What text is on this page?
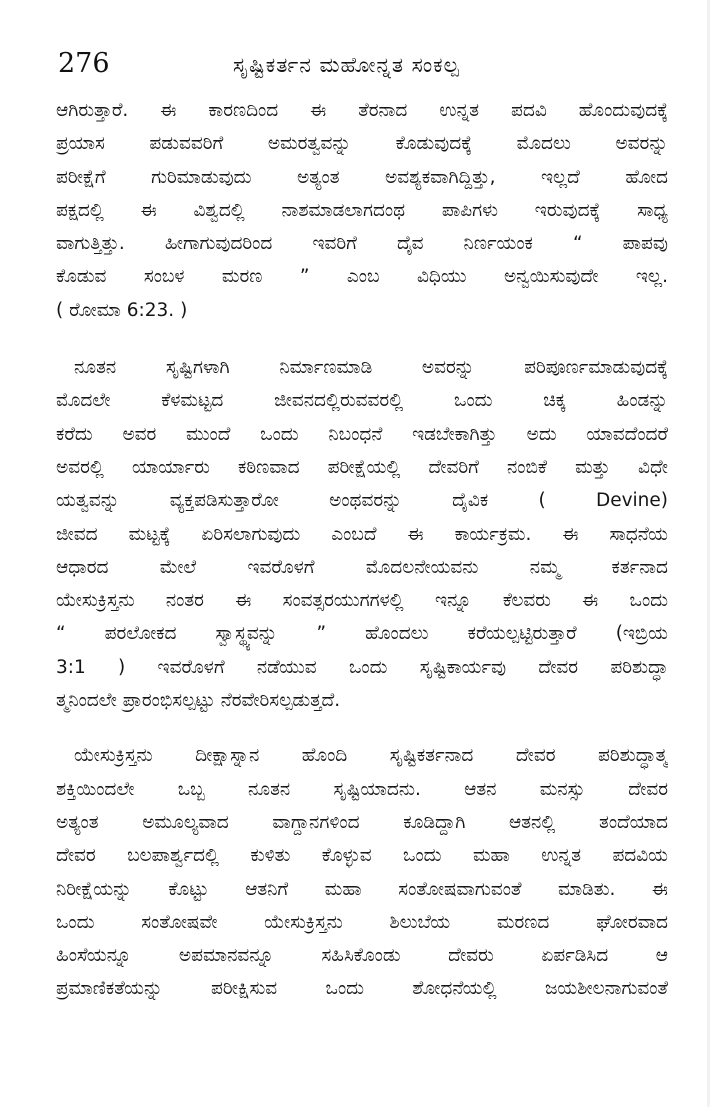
276	ಸೃಷ್ಟಿಕರ್ತನ ಮಹೋನ್ನತ ಸಂಕಲ್ಪ
ಆಗಿರುತ್ತಾರೆ. ಈ ಕಾರಣದಿಂದ ಈ ತೆರನಾದ ಉನ್ನತ ಪದವಿ ಹೊಂದುವುದಕ್ಕೆ
ಪ್ರಯಾಸ ಪಡುವವರಿಗೆ ಅಮರತ್ವವನ್ನು ಕೊಡುವುದಕ್ಕೆ ಮೊದಲು ಅವರನ್ನು
ಪರೀಕ್ಷೆಗೆ ಗುರಿಮಾಡುವುದು ಅತ್ಯಂತ ಅವಶ್ಯಕವಾಗಿದ್ದಿತ್ತು, ಇಲ್ಲದೆ ಹೋದ
ಪಕ್ಷದಲ್ಲಿ ಈ ವಿಶ್ವದಲ್ಲಿ ನಾಶಮಾಡಲಾಗದಂಥ ಪಾಪಿಗಳು ಇರುವುದಕ್ಕೆ ಸಾಧ್ಯ
ವಾಗುತ್ತಿತ್ತು. ಹೀಗಾಗುವುದರಿಂದ ಇವರಿಗೆ ದೈವ ನಿರ್ಣಯಂಕ “ ಪಾಪವು
ಕೊಡುವ ಸಂಬಳ ಮರಣ ” ಎಂಬ ವಿಧಿಯು ಅನ್ವಯಿಸುವುದೇ ಇಲ್ಲ.
( ರೋಮಾ 6:23. )
ನೂತನ ಸೃಷ್ಟಿಗಳಾಗಿ ನಿರ್ಮಾಣಮಾಡಿ ಅವರನ್ನು ಪರಿಪೂರ್ಣಮಾಡುವುದಕ್ಕೆ
ಮೊದಲೇ ಕೆಳಮಟ್ಟದ ಜೀವನದಲ್ಲಿರುವವರಲ್ಲಿ ಒಂದು ಚಿಕ್ಕ ಹಿಂಡನ್ನು
ಕರೆದು ಅವರ ಮುಂದೆ ಒಂದು ನಿಬಂಧನೆ ಇಡಬೇಕಾಗಿತ್ತು ಅದು ಯಾವದೆಂದರೆ
ಅವರಲ್ಲಿ ಯಾರ್ಯಾರು ಕಠಿಣವಾದ ಪರೀಕ್ಷೆಯಲ್ಲಿ ದೇವರಿಗೆ ನಂಬಿಕೆ ಮತ್ತು ವಿಧೇ
ಯತ್ವವನ್ನು ವ್ಯಕ್ತಪಡಿಸುತ್ತಾರೋ ಅಂಥವರನ್ನು ದೈವಿಕ ( Devine)
ಜೀವದ ಮಟ್ಟಕ್ಕೆ ಏರಿಸಲಾಗುವುದು ಎಂಬದೆ ಈ ಕಾರ್ಯಕ್ರಮ. ಈ ಸಾಧನೆಯ
ಆಧಾರದ ಮೇಲೆ ಇವರೊಳಗೆ ಮೊದಲನೇಯವನು ನಮ್ಮ ಕರ್ತನಾದ
ಯೇಸುಕ್ರಿಸ್ತನು ನಂತರ ಈ ಸಂವತ್ಸರಯುಗಗಳಲ್ಲಿ ಇನ್ನೂ ಕೆಲವರು ಈ ಒಂದು
“ ಪರಲೋಕದ ಸ್ವಾಸ್ಥ್ಯವನ್ನು ” ಹೊಂದಲು ಕರೆಯಲ್ಪಟ್ಟಿರುತ್ತಾರೆ (ಇಬ್ರಿಯ
3:1 ) ಇವರೊಳಗೆ ನಡೆಯುವ ಒಂದು ಸೃಷ್ಟಿಕಾರ್ಯವು ದೇವರ ಪರಿಶುದ್ಧಾ
ತ್ಮನಿಂದಲೇ ಪ್ರಾರಂಭಿಸಲ್ಪಟ್ಟು ನೆರವೇರಿಸಲ್ಪಡುತ್ತದೆ.
ಯೇಸುಕ್ರಿಸ್ತನು ದೀಕ್ಷಾಸ್ನಾನ ಹೊಂದಿ ಸೃಷ್ಟಿಕರ್ತನಾದ ದೇವರ ಪರಿಶುದ್ಧಾತ್ಮ
ಶಕ್ತಿಯಿಂದಲೇ ಒಬ್ಬ ನೂತನ ಸೃಷ್ಟಿಯಾದನು. ಆತನ ಮನಸ್ಸು ದೇವರ
ಅತ್ಯಂತ ಅಮೂಲ್ಯವಾದ ವಾಗ್ದಾನಗಳಿಂದ ಕೂಡಿದ್ದಾಗಿ ಆತನಲ್ಲಿ ತಂದೆಯಾದ
ದೇವರ ಬಲಪಾರ್ಶ್ವದಲ್ಲಿ ಕುಳಿತು ಕೊಳ್ಳುವ ಒಂದು ಮಹಾ ಉನ್ನತ ಪದವಿಯ
ನಿರೀಕ್ಷೆಯನ್ನು ಕೊಟ್ಟು ಆತನಿಗೆ ಮಹಾ ಸಂತೋಷವಾಗುವಂತೆ ಮಾಡಿತು. ಈ
ಒಂದು ಸಂತೋಷವೇ ಯೇಸುಕ್ರಿಸ್ತನು ಶಿಲುಬೆಯ ಮರಣದ ಘೋರವಾದ
ಹಿಂಸೆಯನ್ನೂ ಅಪಮಾನವನ್ನೂ ಸಹಿಸಿಕೊಂಡು ದೇವರು ಏರ್ಪಡಿಸಿದ ಆ
ಪ್ರಮಾಣಿಕತೆಯನ್ನು ಪರೀಕ್ಷಿಸುವ ಒಂದು ಶೋಧನೆಯಲ್ಲಿ ಜಯಶೀಲನಾಗುವಂತೆ
